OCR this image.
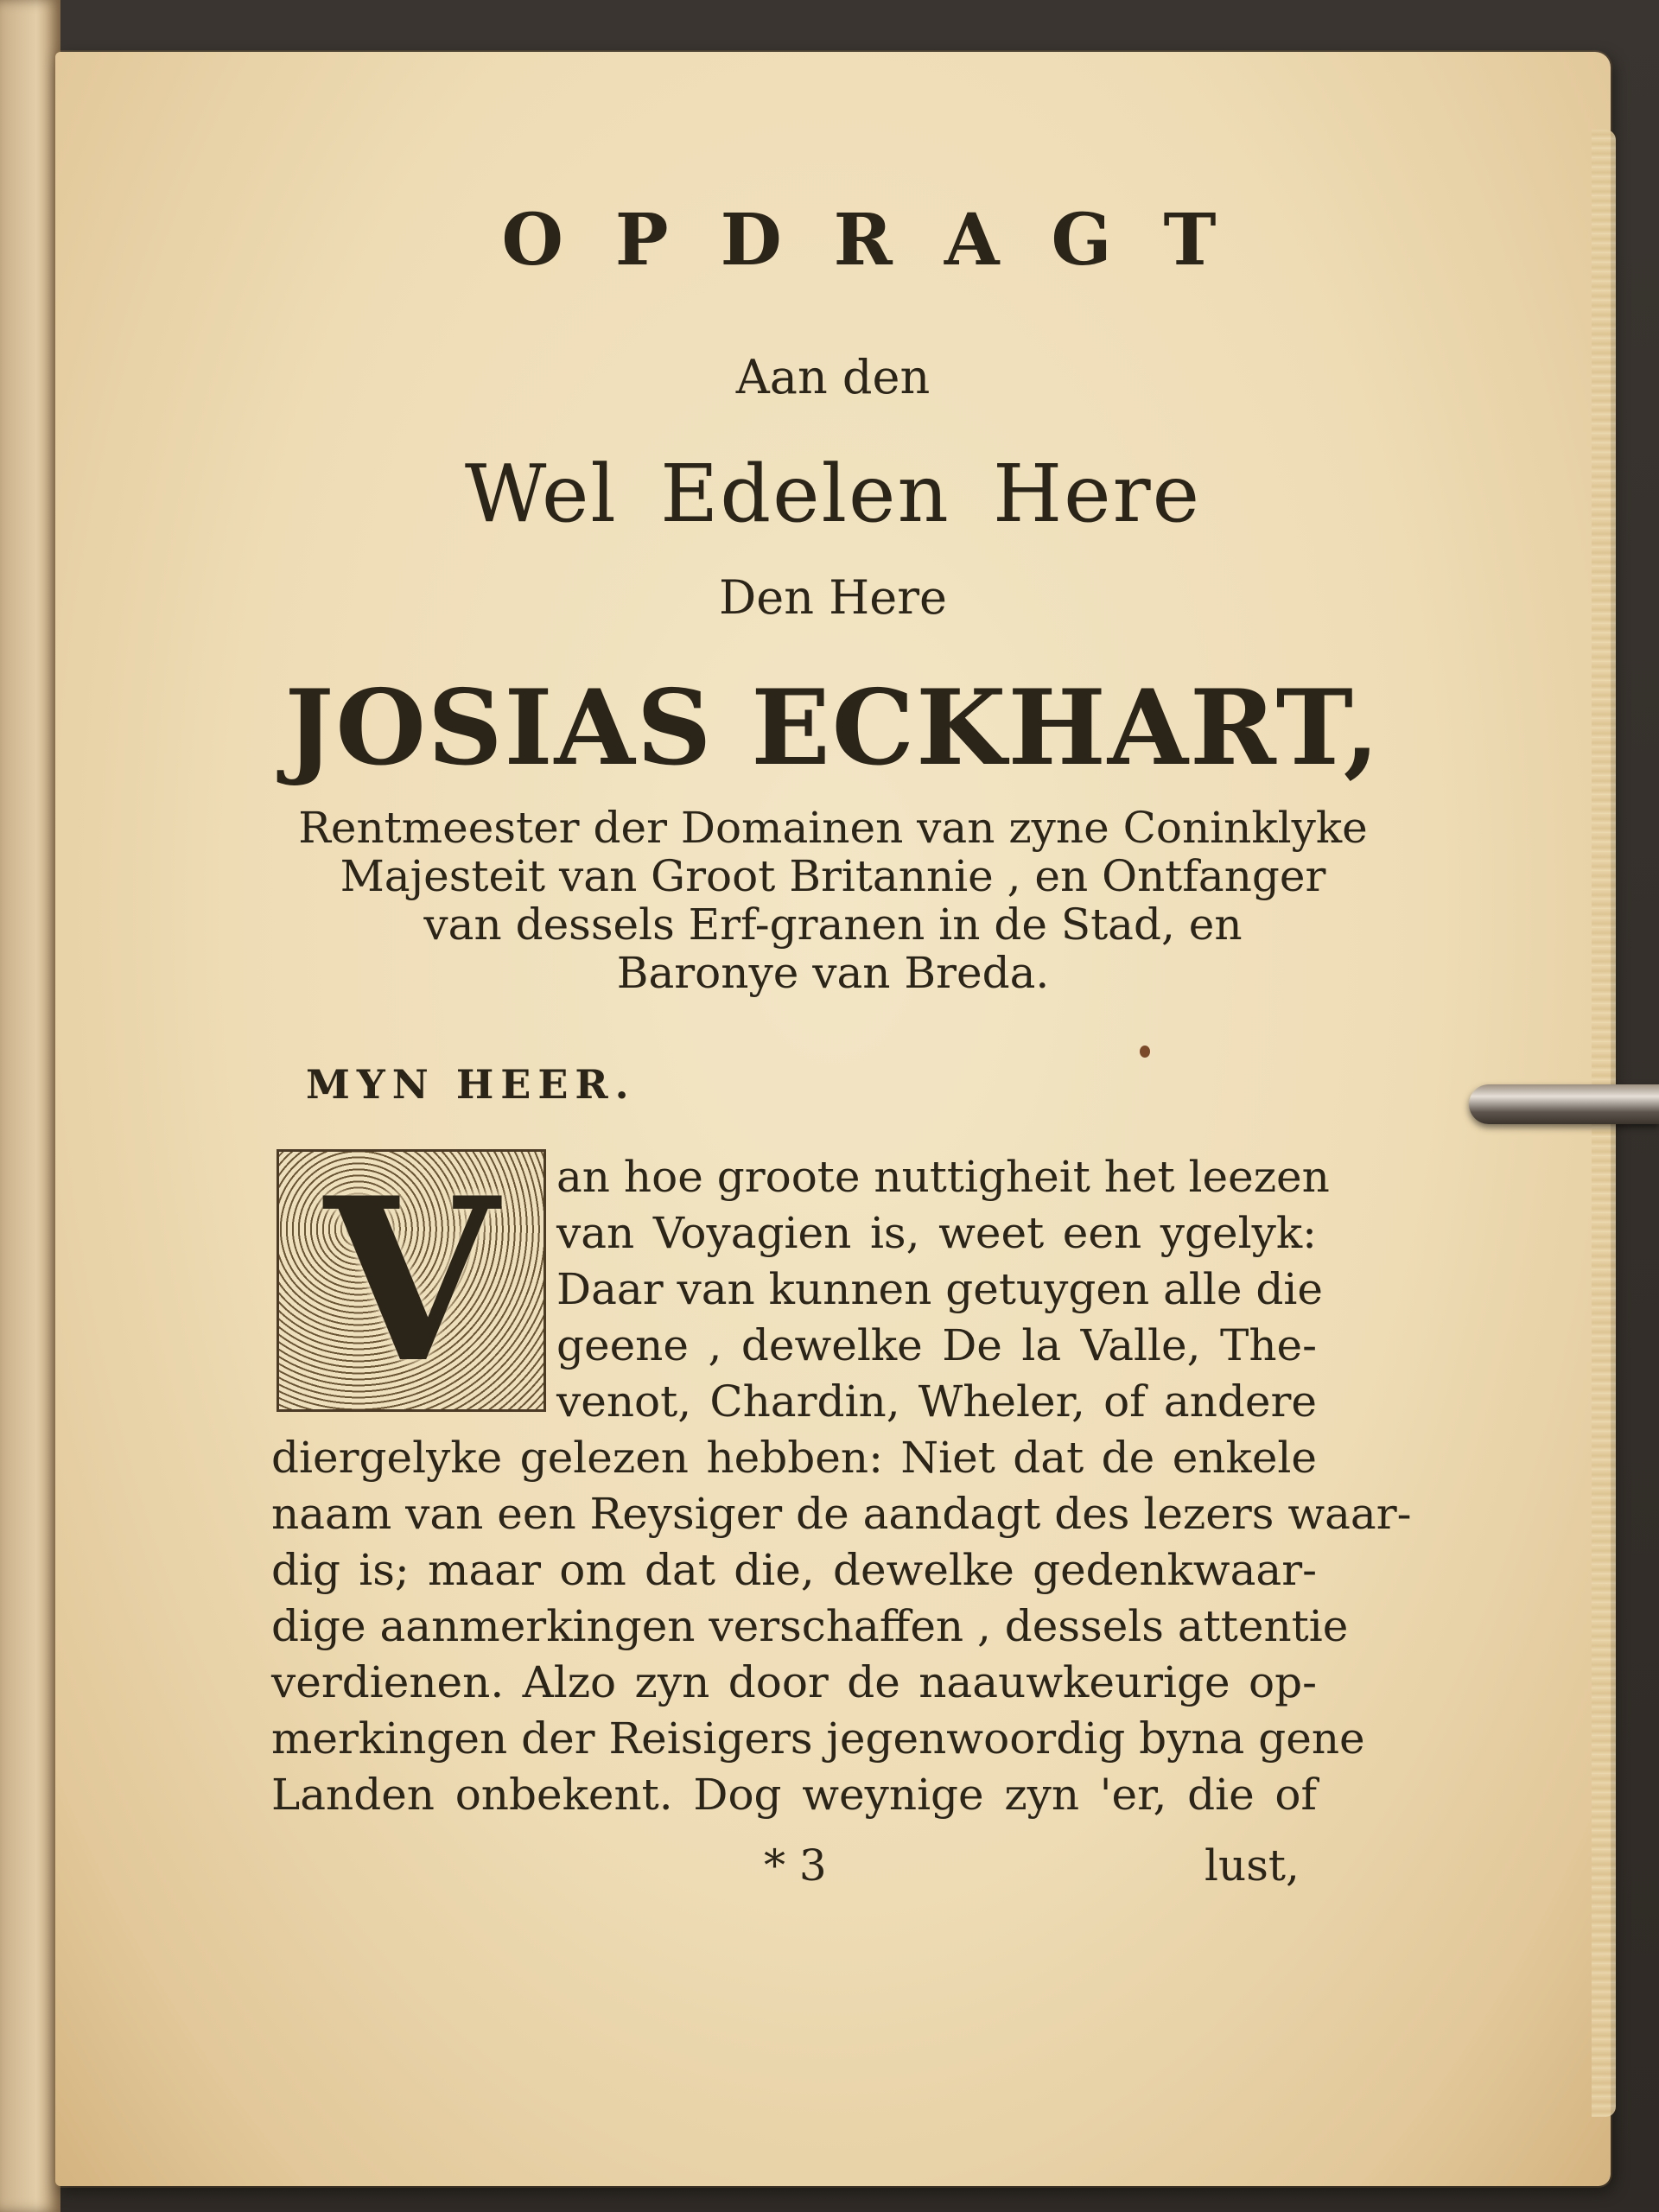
OPDRAGT
Aan den
Wel Edelen Here
Den Here
JOSIAS ECKHART,
Rentmeester der Domainen van zyne Coninklyke
Majesteit van Groot Britannie , en Ontfanger
van dessels Erf-granen in de Stad, en
Baronye van Breda.
MYN HEER.
V	an hoe groote nuttigheit het leezen
van Voyagien is, weet een ygelyk:
Daar van kunnen getuygen alle die
geene , dewelke De la Valle, The-
venot, Chardin, Wheler, of andere
diergelyke gelezen hebben: Niet dat de enkele
naam van een Reysiger de aandagt des lezers waar-
dig is; maar om dat die, dewelke gedenkwaar-
dige aanmerkingen verschaffen , dessels attentie
verdienen. Alzo zyn door de naauwkeurige op-
merkingen der Reisigers jegenwoordig byna gene
Landen onbekent. Dog weynige zyn 'er, die of
* 3	lust,
